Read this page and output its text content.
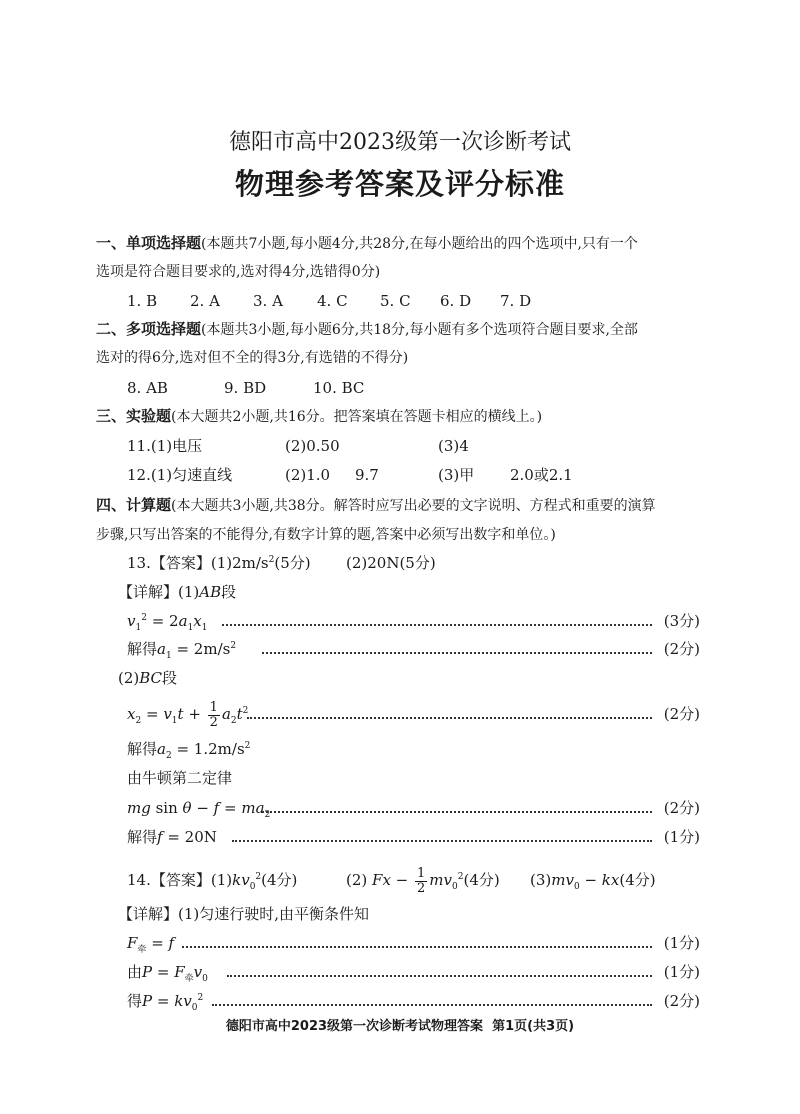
德阳市高中2023级第一次诊断考试
物理参考答案及评分标准
一、单项选择题(本题共7小题,每小题4分,共28分,在每小题给出的四个选项中,只有一个
选项是符合题目要求的,选对得4分,选错得0分)
1. B 2. A 3. A 4. C 5. C 6. D 7. D
二、多项选择题(本题共3小题,每小题6分,共18分,每小题有多个选项符合题目要求,全部
选对的得6分,选对但不全的得3分,有选错的不得分)
8. AB	9. BD	10. BC
三、实验题(本大题共2小题,共16分。把答案填在答题卡相应的横线上。)
11.(1)电压	(2)0.50	(3)4
12.(1)匀速直线	(2)1.0 9.7	(3)甲 2.0或2.1
四、计算题(本大题共3小题,共38分。解答时应写出必要的文字说明、方程式和重要的演算
步骤,只写出答案的不能得分,有数字计算的题,答案中必须写出数字和单位。)
13.【答案】$(1)2m/s^2(5$分) (2)20N(5分)
【详解】(1)AB段
$v_1^2 = 2a_1x_1$	(3分)
解得$a_1 = 2m/s^2$	(2分)
(2)BC段
$x_2 = v_1t + \frac{1}{2} a_2t^2$	(2分)
解得$a_2 = 1.2m/s^2$
由牛顿第二定律
mg $\sin \theta - f = ma_2$	(2分)
解得f = 20N	(1分)
14.【答案】$(1)kv_0^2(4$分)	(2) $Fx - \frac{1}{2} mv_0^2(4$分) $(3)mv_0 - kx(4$分)
【详解】(1)匀速行驶时,由平衡条件知
$F_牵 = f$	(1分)
由$P = F_牵v_0$	(1分)
得$P = kv_0^2$	(2分)
德阳市高中2023级第一次诊断考试物理答案 第1页(共3页)
